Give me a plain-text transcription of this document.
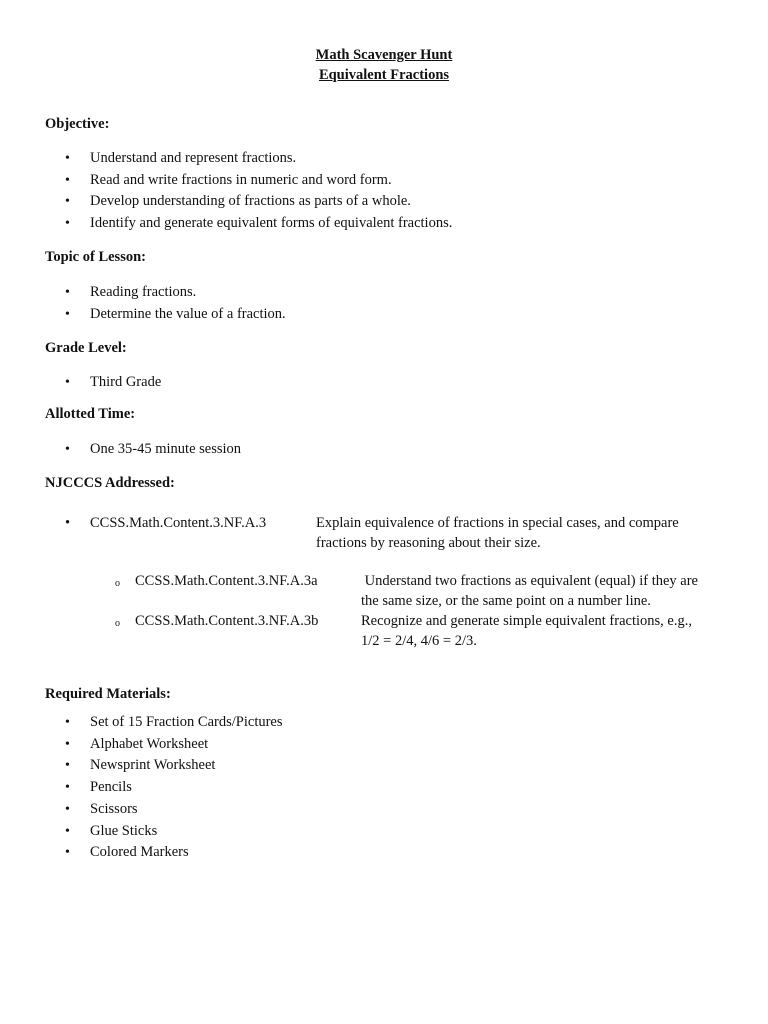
Math Scavenger Hunt
Equivalent Fractions
Objective:
• Understand and represent fractions.
• Read and write fractions in numeric and word form.
• Develop understanding of fractions as parts of a whole.
• Identify and generate equivalent forms of equivalent fractions.
Topic of Lesson:
• Reading fractions.
• Determine the value of a fraction.
Grade Level:
• Third Grade
Allotted Time:
• One 35-45 minute session
NJCCCS Addressed:
• CCSS.Math.Content.3.NF.A.3	Explain equivalence of fractions in special cases, and compare
fractions by reasoning about their size.
o CCSS.Math.Content.3.NF.A.3a	Understand two fractions as equivalent (equal) if they are
the same size, or the same point on a number line.
o CCSS.Math.Content.3.NF.A.3b	Recognize and generate simple equivalent fractions, e.g.,
1/2 = 2/4, 4/6 = 2/3.
Required Materials:
• Set of 15 Fraction Cards/Pictures
• Alphabet Worksheet
• Newsprint Worksheet
• Pencils
• Scissors
• Glue Sticks
• Colored Markers
